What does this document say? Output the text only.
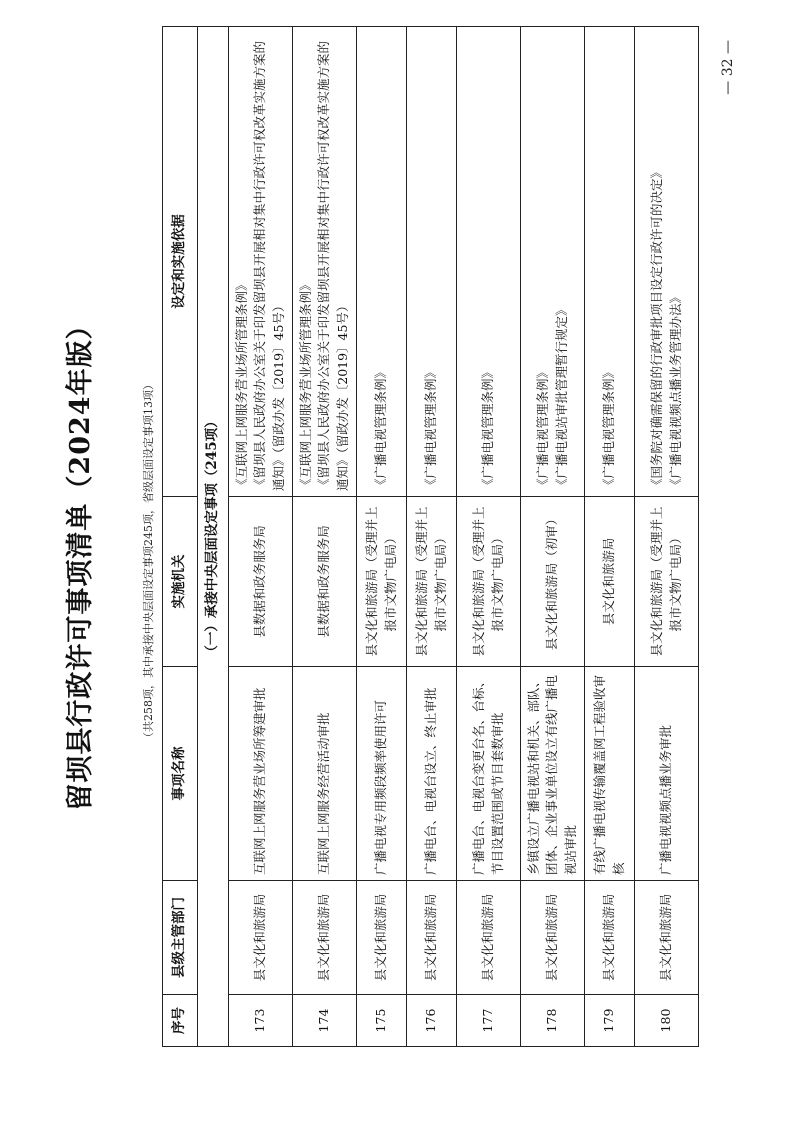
留坝县行政许可事项清单（2024年版）	（共258项，其中承接中央层面设定事项245项，省级层面设定事项13项）
序号	县级主管部门	事项名称	实施机关	设定和实施依据
（一）承接中央层面设定事项（245项）				
173	县文化和旅游局	互联网上网服务营业场所筹建审批	县数据和政务服务局	《互联网上网服务营业场所管理条例》 《留坝县人民政府办公室关于印发留坝县开展相对集中行政许可权改革实施方案的通知》（留政办发〔2019〕45号）

174	县文化和旅游局	互联网上网服务经营活动审批	县数据和政务服务局	《互联网上网服务营业场所管理条例》 《留坝县人民政府办公室关于印发留坝县开展相对集中行政许可权改革实施方案的通知》（留政办发〔2019〕45号）

175	县文化和旅游局	广播电视专用频段频率使用许可	县文化和旅游局（受理并上报市文物广电局）	《广播电视管理条例》

176	县文化和旅游局	广播电台、电视台设立、终止审批	县文化和旅游局（受理并上报市文物广电局）	《广播电视管理条例》

177	县文化和旅游局	广播电台、电视台变更台名、台标、节目设置范围或节目套数审批	县文化和旅游局（受理并上报市文物广电局）	《广播电视管理条例》

178	县文化和旅游局	乡镇设立广播电视站和机关、部队、团体、企业事业单位设立有线广播电视站审批	县文化和旅游局（初审）	《广播电视管理条例》 《广播电视站审批管理暂行规定》

179	县文化和旅游局	有线广播电视传输覆盖网工程验收审核	县文化和旅游局	《广播电视管理条例》

180	县文化和旅游局	广播电视视频点播业务审批	县文化和旅游局（受理并上报市文物广电局）	《国务院对确需保留的行政审批项目设定行政许可的决定》 《广播电视视频点播业务管理办法》
— 32 —
